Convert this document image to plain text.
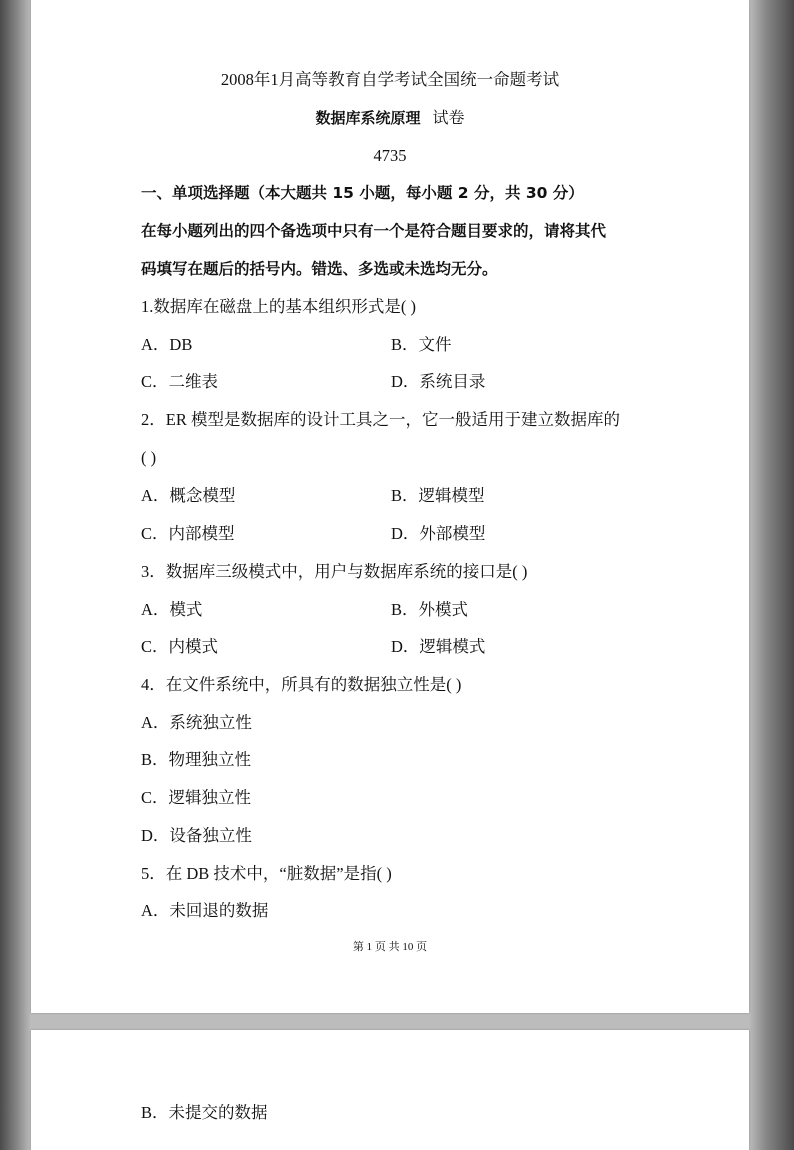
2008年1月高等教育自学考试全国统一命题考试
数据库系统原理 试卷
4735
一、单项选择题（本大题共 15 小题，每小题 2 分，共 30 分）
在每小题列出的四个备选项中只有一个是符合题目要求的，请将其代
码填写在题后的括号内。错选、多选或未选均无分。
1.数据库在磁盘上的基本组织形式是( )
A．DB	B．文件
C．二维表	D．系统目录
2．ER 模型是数据库的设计工具之一，它一般适用于建立数据库的
( )
A．概念模型	B．逻辑模型
C．内部模型	D．外部模型
3．数据库三级模式中，用户与数据库系统的接口是( )
A．模式	B．外模式
C．内模式	D．逻辑模式
4．在文件系统中，所具有的数据独立性是( )
A．系统独立性
B．物理独立性
C．逻辑独立性
D．设备独立性
5．在 DB 技术中，“脏数据”是指( )
A．未回退的数据
第 1 页 共 10 页
B．未提交的数据
